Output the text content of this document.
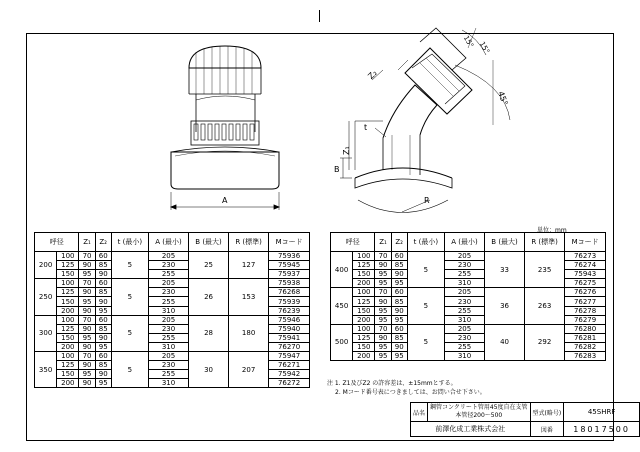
A
Z₂
Z₁
t
B
R
45°
15° 15°
単位：mm
呼径		Z₁	Z₂	t (最小)	A (最小)	B (最大)	R (標準)	Mコード
200	100	70	60	5	205	25	127	75936
	125	90	85		230			75945
	150	95	90		255			75937
250	100	70	60	5	205	26	153	75938
	125	90	85		230			76268
	150	95	90		255			75939
	200	90	95		310			76239
300	100	70	60	5	205	28	180	75946
	125	90	85		230			75940
	150	95	90		255			75941
	200	90	95		310			76270
350	100	70	60	5	205	30	207	75947
	125	90	85		230			76271
	150	95	90		255			75942
	200	90	95		310			76272
呼径		Z₁	Z₂	t (最小)	A (最小)	B (最大)	R (標準)	Mコード
400	100	70	60	5	205	33	235	76273
	125	90	85		230			76274
	150	95	90		255			75943
	200	95	95		310			76275
450	100	70	60	5	205	36	263	76276
	125	90	85		230			76277
	150	95	90		255			76278
	200	95	95		310			76279
500	100	70	60	5	205	40	292	76280
	125	90	85		230			76281
	150	95	90		255			76282
	200	95	95		310			76283
注 1. Z1及びZ2 の許容差は、±15mmとする。
2. Mコード番号表につきましては、お問い合せ下さい。
品名	鋼管コンクリート管用45度自在支管
本管径200～500	型式(略号)	45SHRF

前澤化成工業株式会社		図番	18017500
